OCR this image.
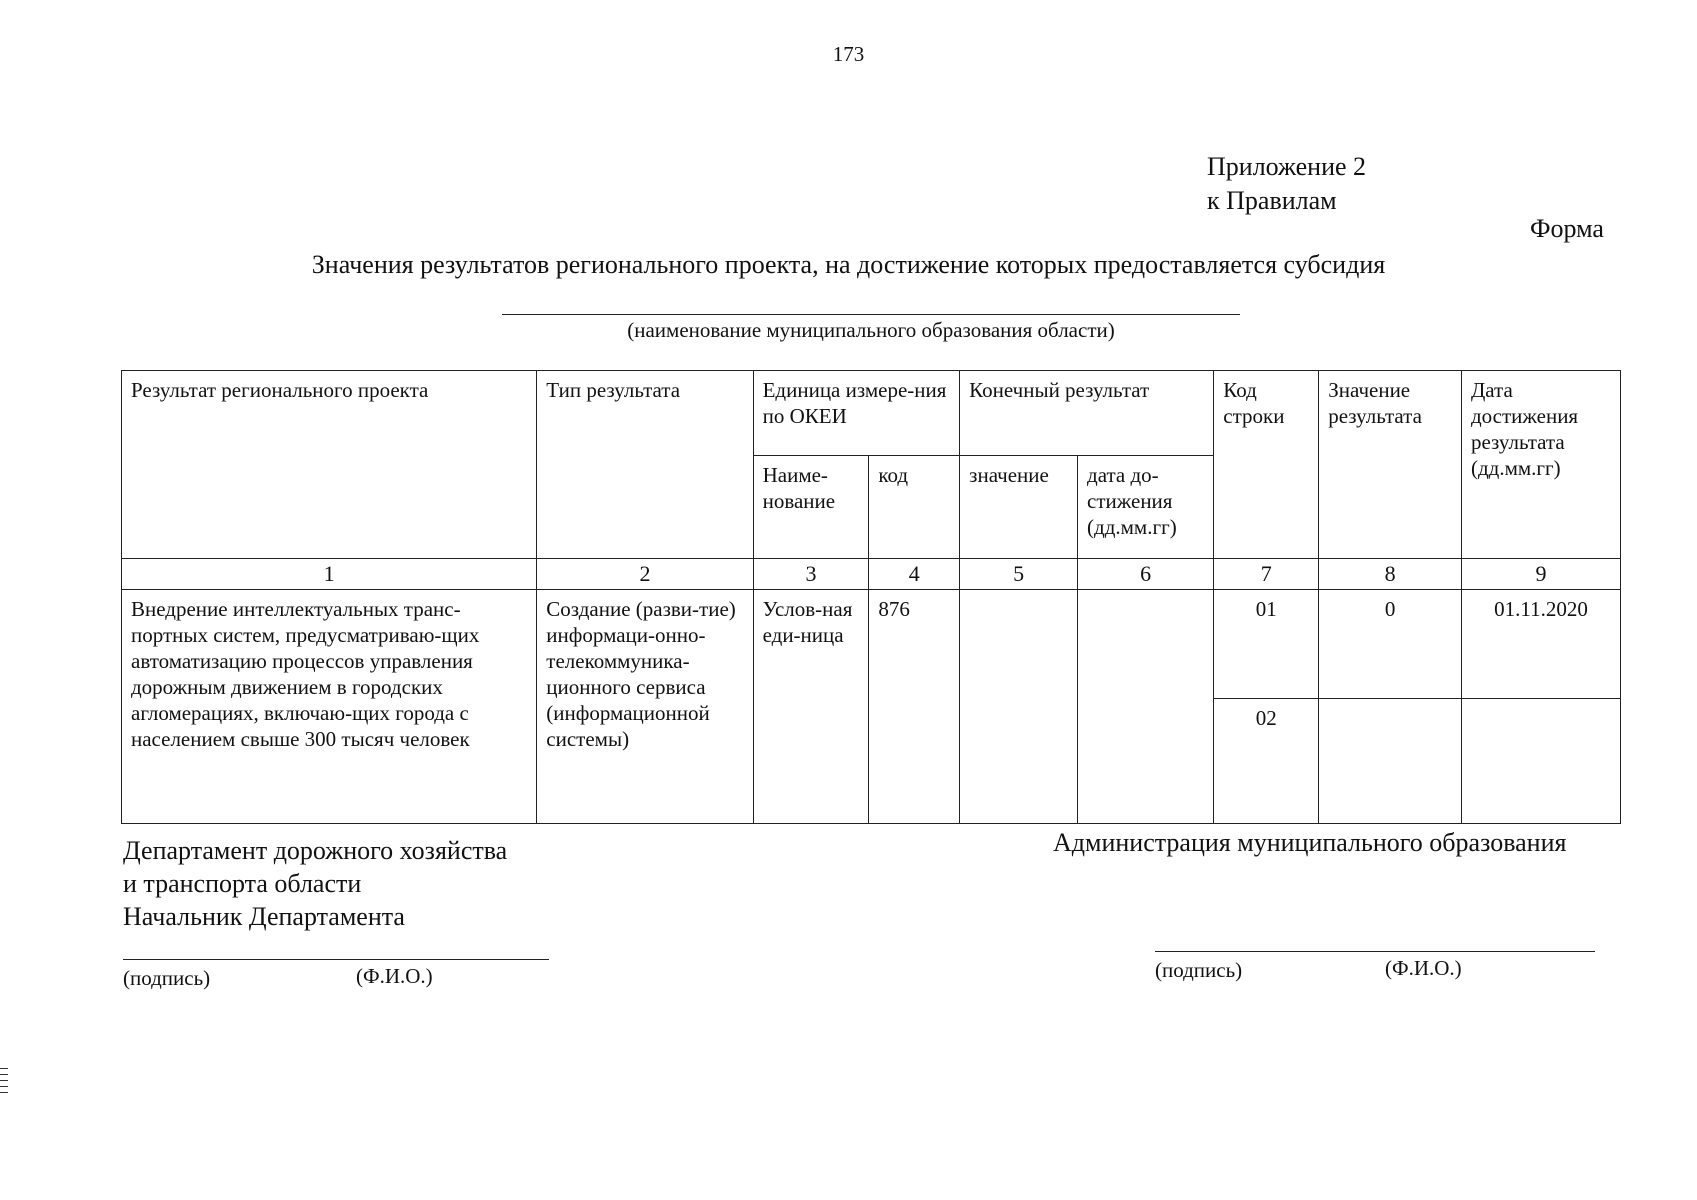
173
Приложение 2
к Правилам
Форма
Значения результатов регионального проекта, на достижение которых предоставляется субсидия
(наименование муниципального образования области)
Результат регионального проекта	Тип результата	Единица измере-ния по ОКЕИ		Конечный результат		Код строки	Значение результата	Дата достижения результата (дд.мм.гг)
		Наиме-нование	код	значение	дата до-стижения (дд.мм.гг)			
1	2	3	4	5	6	7	8	9
Внедрение интеллектуальных транс-портных систем, предусматриваю-щих автоматизацию процессов управления дорожным движением в городских агломерациях, включаю-щих города с населением свыше 300 тысяч человек	Создание (разви-тие) информаци-онно-телекоммуника-ционного сервиса (информационной системы)	Услов-ная еди-ница	876			01	0	01.11.2020
						02		
Департамент дорожного хозяйства
и транспорта области
Начальник Департамента
Администрация муниципального образования
(подпись)	(Ф.И.О.)	(подпись)	(Ф.И.О.)
